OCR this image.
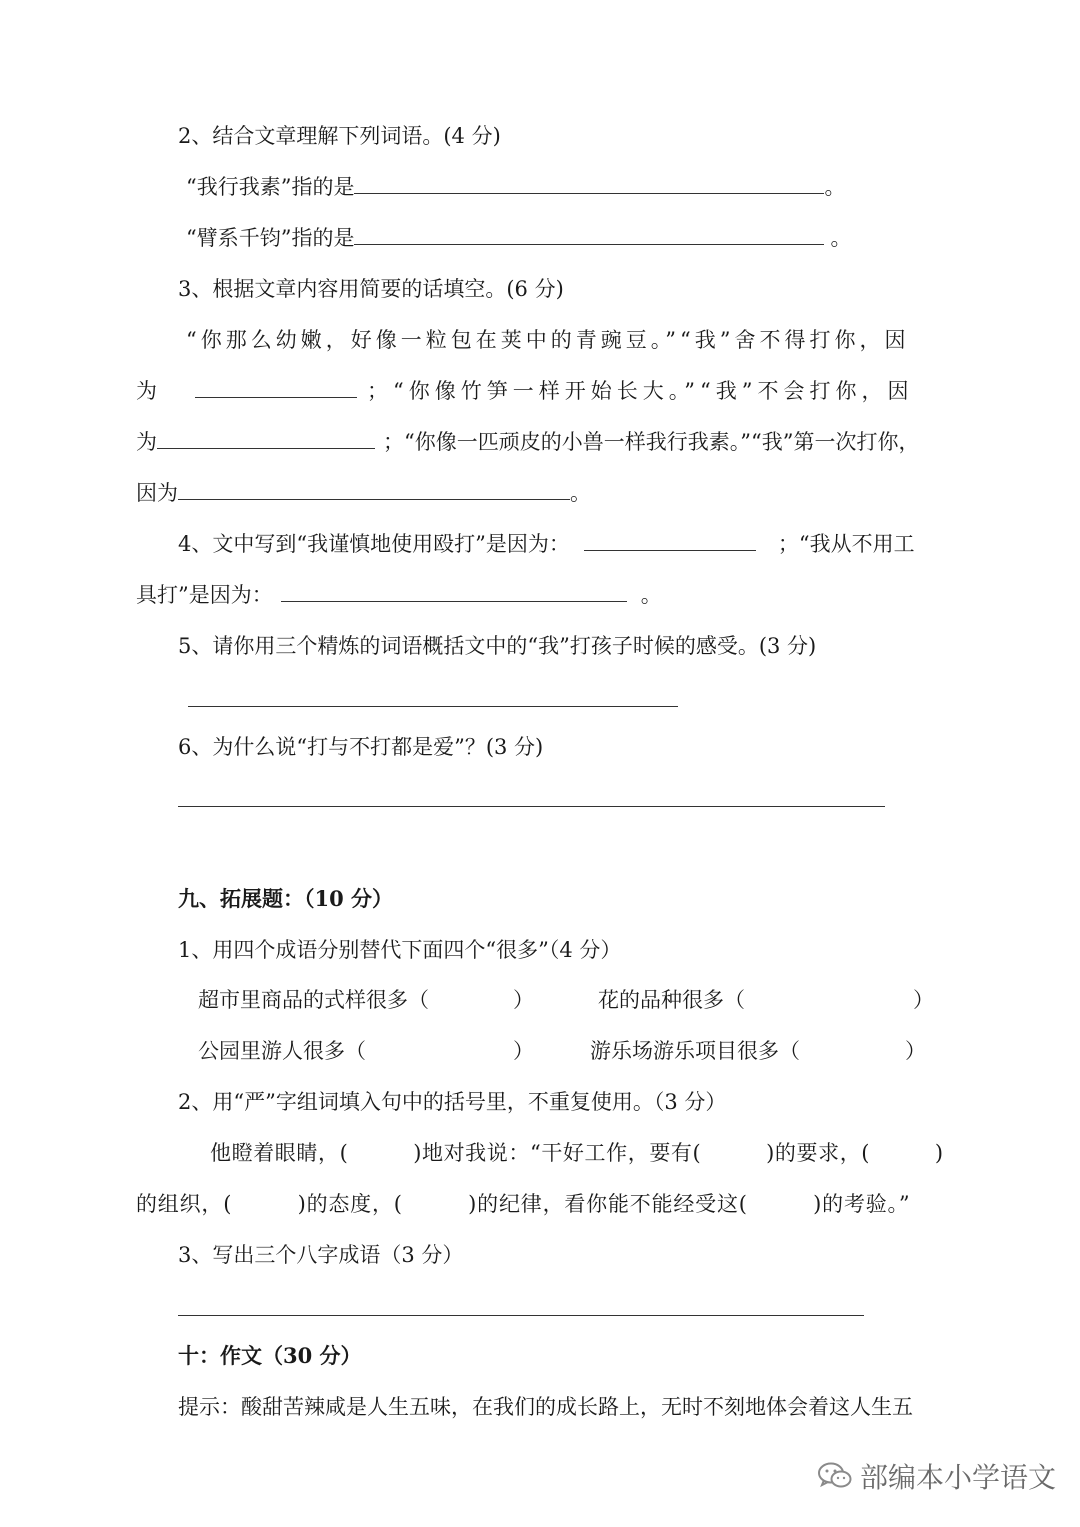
2、结合文章理解下列词语。(4 分)
“我行我素”指的是	。
“臂系千钧”指的是	。
3、根据文章内容用简要的话填空。(6 分)
“你那么幼嫩，好像一粒包在荚中的青豌豆。”“我”舍不得打你，因
为	；“你像竹笋一样开始长大。”“我”不会打你，因
为	；“你像一匹顽皮的小兽一样我行我素。”“我”第一次打你，
因为	。
4、文中写到“我谨慎地使用殴打”是因为：	；“我从不用工
具打”是因为：	。
5、请你用三个精炼的词语概括文中的“我”打孩子时候的感受。(3 分)
6、为什么说“打与不打都是爱”？(3 分)
九、拓展题：（10 分）
1、用四个成语分别替代下面四个“很多”（4 分）
超市里商品的式样很多（　　　　）	花的品种很多（　　　　　　　　）
公园里游人很多（　　　　　　　）	游乐场游乐项目很多（　　　　　）
2、用“严”字组词填入句中的括号里，不重复使用。（3 分）
他瞪着眼睛，(　　　)地对我说：“干好工作，要有(　　　)的要求，(　　　)
的组织，(　　　)的态度，(　　　)的纪律，看你能不能经受这(　　　)的考验。”
3、写出三个八字成语（3 分）
十：作文（30 分）
提示：酸甜苦辣咸是人生五味，在我们的成长路上，无时不刻地体会着这人生五
部编本小学语文
